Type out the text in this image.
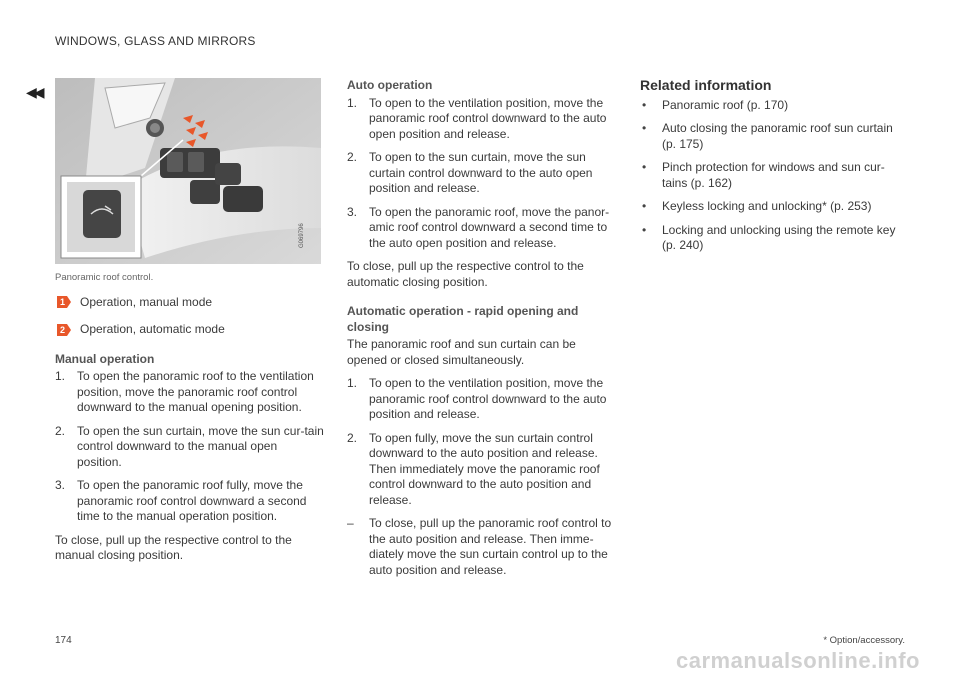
WINDOWS, GLASS AND MIRRORS
◀◀
G069796
Panoramic roof control.
1 Operation, manual mode
2 Operation, automatic mode
Manual operation
1. To open the panoramic roof to the ventilation position, move the panoramic roof control downward to the manual opening position.
2. To open the sun curtain, move the sun cur-tain control downward to the manual open position.
3. To open the panoramic roof fully, move the panoramic roof control downward a second time to the manual operation position.

To close, pull up the respective control to the manual closing position.

Auto operation
1. To open to the ventilation position, move the panoramic roof control downward to the auto open position and release.
2. To open to the sun curtain, move the sun curtain control downward to the auto open position and release.
3. To open the panoramic roof, move the panor-amic roof control downward a second time to the auto open position and release.

To close, pull up the respective control to the automatic closing position.

Automatic operation - rapid opening and closing

The panoramic roof and sun curtain can be opened or closed simultaneously.

1. To open to the ventilation position, move the panoramic roof control downward to the auto position and release.
2. To open fully, move the sun curtain control downward to the auto position and release. Then immediately move the panoramic roof control downward to the auto position and release.
– To close, pull up the panoramic roof control to the auto position and release. Then imme-diately move the sun curtain control up to the auto position and release.
Related information
• Panoramic roof (p. 170)
• Auto closing the panoramic roof sun curtain (p. 175)
• Pinch protection for windows and sun cur-tains (p. 162)
• Keyless locking and unlocking* (p. 253)
• Locking and unlocking using the remote key (p. 240)
174	* Option/accessory.
carmanualsonline.info
